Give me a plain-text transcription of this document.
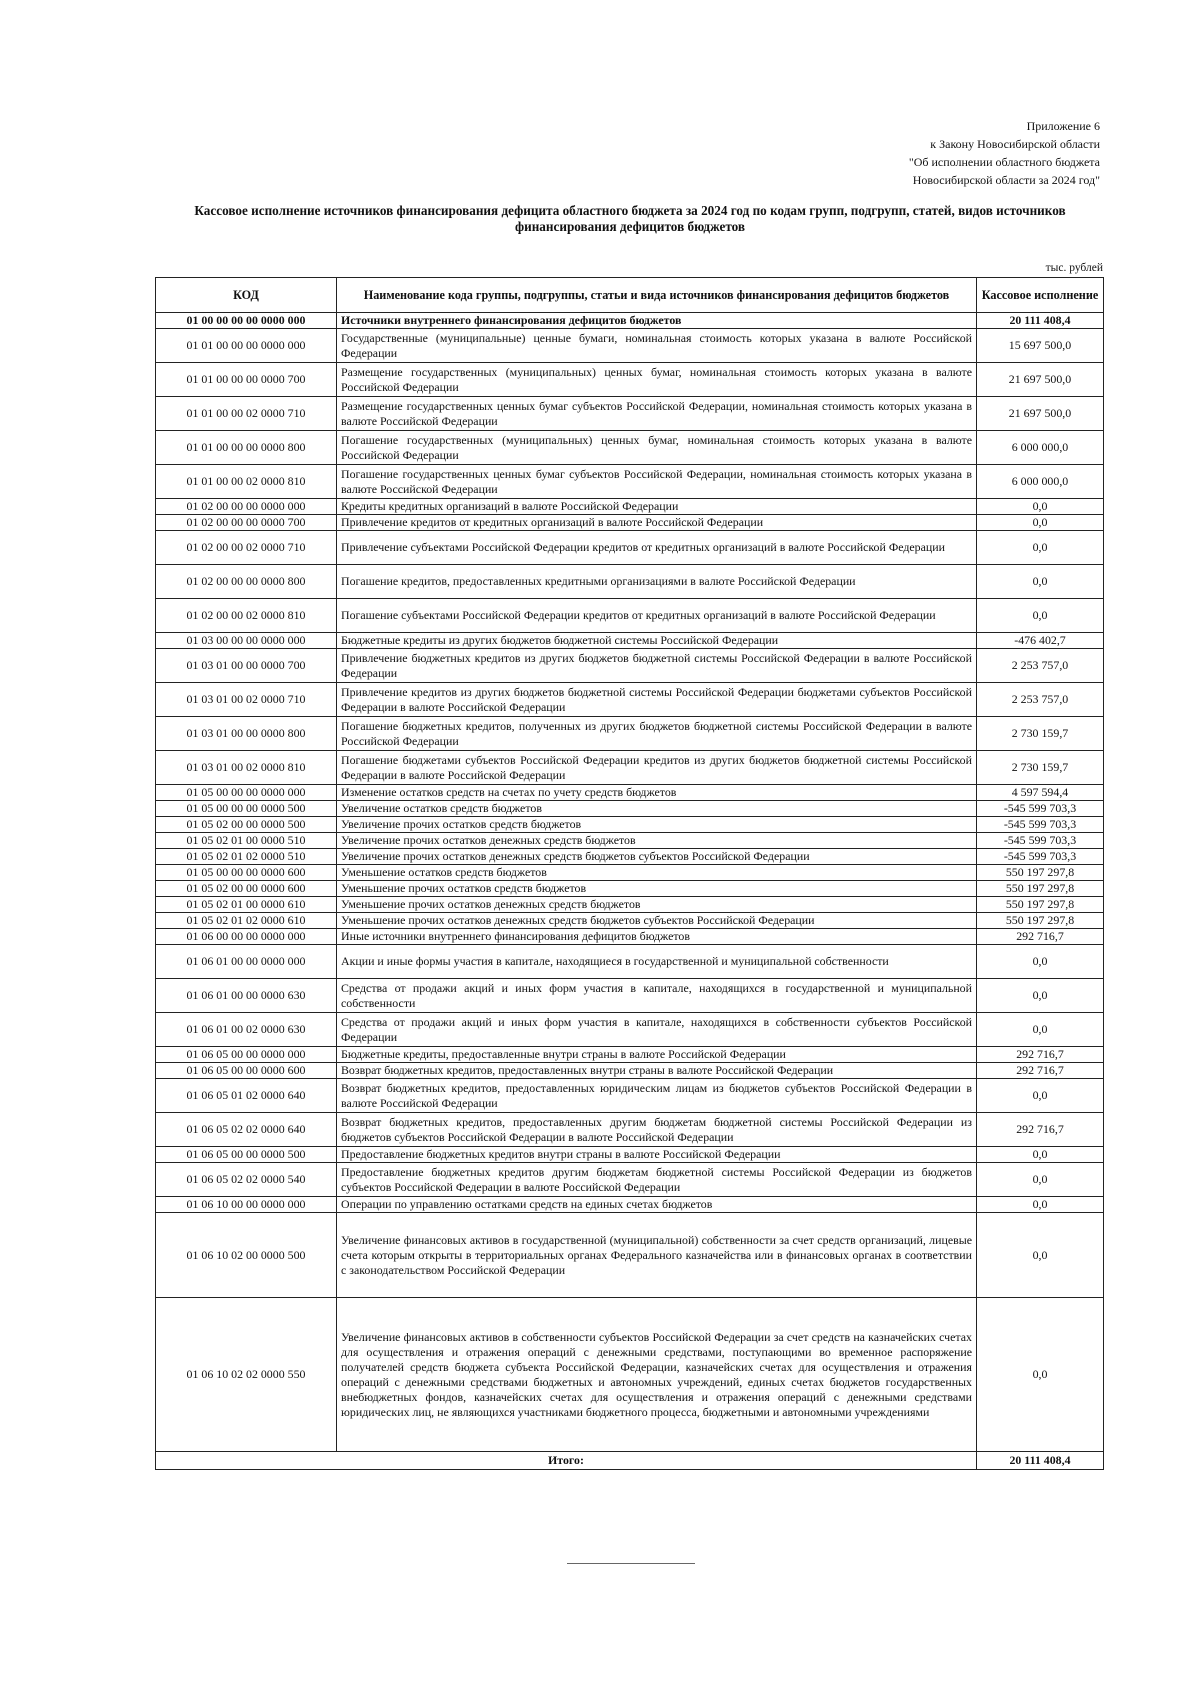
Приложение 6
к Закону Новосибирской области
"Об исполнении областного бюджета
Новосибирской области за 2024 год"
Кассовое исполнение источников финансирования дефицита областного бюджета за 2024 год по кодам групп, подгрупп, статей, видов источников финансирования дефицитов бюджетов
тыс. рублей
КОД	Наименование кода группы, подгруппы, статьи и вида источников финансирования дефицитов бюджетов	Кассовое исполнение
01 00 00 00 00 0000 000	Источники внутреннего финансирования дефицитов бюджетов	20 111 408,4
01 01 00 00 00 0000 000	Государственные (муниципальные) ценные бумаги, номинальная стоимость которых указана в валюте Российской Федерации	15 697 500,0
01 01 00 00 00 0000 700	Размещение государственных (муниципальных) ценных бумаг, номинальная стоимость которых указана в валюте Российской Федерации	21 697 500,0
01 01 00 00 02 0000 710	Размещение государственных ценных бумаг субъектов Российской Федерации, номинальная стоимость которых указана в валюте Российской Федерации	21 697 500,0
01 01 00 00 00 0000 800	Погашение государственных (муниципальных) ценных бумаг, номинальная стоимость которых указана в валюте Российской Федерации	6 000 000,0
01 01 00 00 02 0000 810	Погашение государственных ценных бумаг субъектов Российской Федерации, номинальная стоимость которых указана в валюте Российской Федерации	6 000 000,0
01 02 00 00 00 0000 000	Кредиты кредитных организаций в валюте Российской Федерации	0,0
01 02 00 00 00 0000 700	Привлечение кредитов от кредитных организаций в валюте Российской Федерации	0,0
01 02 00 00 02 0000 710	Привлечение субъектами Российской Федерации кредитов от кредитных организаций в валюте Российской Федерации	0,0
01 02 00 00 00 0000 800	Погашение кредитов, предоставленных кредитными организациями в валюте Российской Федерации	0,0
01 02 00 00 02 0000 810	Погашение субъектами Российской Федерации кредитов от кредитных организаций в валюте Российской Федерации	0,0
01 03 00 00 00 0000 000	Бюджетные кредиты из других бюджетов бюджетной системы Российской Федерации	-476 402,7
01 03 01 00 00 0000 700	Привлечение бюджетных кредитов из других бюджетов бюджетной системы Российской Федерации в валюте Российской Федерации	2 253 757,0
01 03 01 00 02 0000 710	Привлечение кредитов из других бюджетов бюджетной системы Российской Федерации бюджетами субъектов Российской Федерации в валюте Российской Федерации	2 253 757,0
01 03 01 00 00 0000 800	Погашение бюджетных кредитов, полученных из других бюджетов бюджетной системы Российской Федерации в валюте Российской Федерации	2 730 159,7
01 03 01 00 02 0000 810	Погашение бюджетами субъектов Российской Федерации кредитов из других бюджетов бюджетной системы Российской Федерации в валюте Российской Федерации	2 730 159,7
01 05 00 00 00 0000 000	Изменение остатков средств на счетах по учету средств бюджетов	4 597 594,4
01 05 00 00 00 0000 500	Увеличение остатков средств бюджетов	-545 599 703,3
01 05 02 00 00 0000 500	Увеличение прочих остатков средств бюджетов	-545 599 703,3
01 05 02 01 00 0000 510	Увеличение прочих остатков денежных средств бюджетов	-545 599 703,3
01 05 02 01 02 0000 510	Увеличение прочих остатков денежных средств бюджетов субъектов Российской Федерации	-545 599 703,3
01 05 00 00 00 0000 600	Уменьшение остатков средств бюджетов	550 197 297,8
01 05 02 00 00 0000 600	Уменьшение прочих остатков средств бюджетов	550 197 297,8
01 05 02 01 00 0000 610	Уменьшение прочих остатков денежных средств бюджетов	550 197 297,8
01 05 02 01 02 0000 610	Уменьшение прочих остатков денежных средств бюджетов субъектов Российской Федерации	550 197 297,8
01 06 00 00 00 0000 000	Иные источники внутреннего финансирования дефицитов бюджетов	292 716,7
01 06 01 00 00 0000 000	Акции и иные формы участия в капитале, находящиеся в государственной и муниципальной собственности	0,0
01 06 01 00 00 0000 630	Средства от продажи акций и иных форм участия в капитале, находящихся в государственной и муниципальной собственности	0,0
01 06 01 00 02 0000 630	Средства от продажи акций и иных форм участия в капитале, находящихся в собственности субъектов Российской Федерации	0,0
01 06 05 00 00 0000 000	Бюджетные кредиты, предоставленные внутри страны в валюте Российской Федерации	292 716,7
01 06 05 00 00 0000 600	Возврат бюджетных кредитов, предоставленных внутри страны в валюте Российской Федерации	292 716,7
01 06 05 01 02 0000 640	Возврат бюджетных кредитов, предоставленных юридическим лицам из бюджетов субъектов Российской Федерации в валюте Российской Федерации	0,0
01 06 05 02 02 0000 640	Возврат бюджетных кредитов, предоставленных другим бюджетам бюджетной системы Российской Федерации из бюджетов субъектов Российской Федерации в валюте Российской Федерации	292 716,7
01 06 05 00 00 0000 500	Предоставление бюджетных кредитов внутри страны в валюте Российской Федерации	0,0
01 06 05 02 02 0000 540	Предоставление бюджетных кредитов другим бюджетам бюджетной системы Российской Федерации из бюджетов субъектов Российской Федерации в валюте Российской Федерации	0,0
01 06 10 00 00 0000 000	Операции по управлению остатками средств на единых счетах бюджетов	0,0
01 06 10 02 00 0000 500	Увеличение финансовых активов в государственной (муниципальной) собственности за счет средств организаций, лицевые счета которым открыты в территориальных органах Федерального казначейства или в финансовых органах в соответствии с законодательством Российской Федерации	0,0
01 06 10 02 02 0000 550	Увеличение финансовых активов в собственности субъектов Российской Федерации за счет средств на казначейских счетах для осуществления и отражения операций с денежными средствами, поступающими во временное распоряжение получателей средств бюджета субъекта Российской Федерации, казначейских счетах для осуществления и отражения операций с денежными средствами бюджетных и автономных учреждений, единых счетах бюджетов государственных внебюджетных фондов, казначейских счетах для осуществления и отражения операций с денежными средствами юридических лиц, не являющихся участниками бюджетного процесса, бюджетными и автономными учреждениями	0,0
Итого:		20 111 408,4
